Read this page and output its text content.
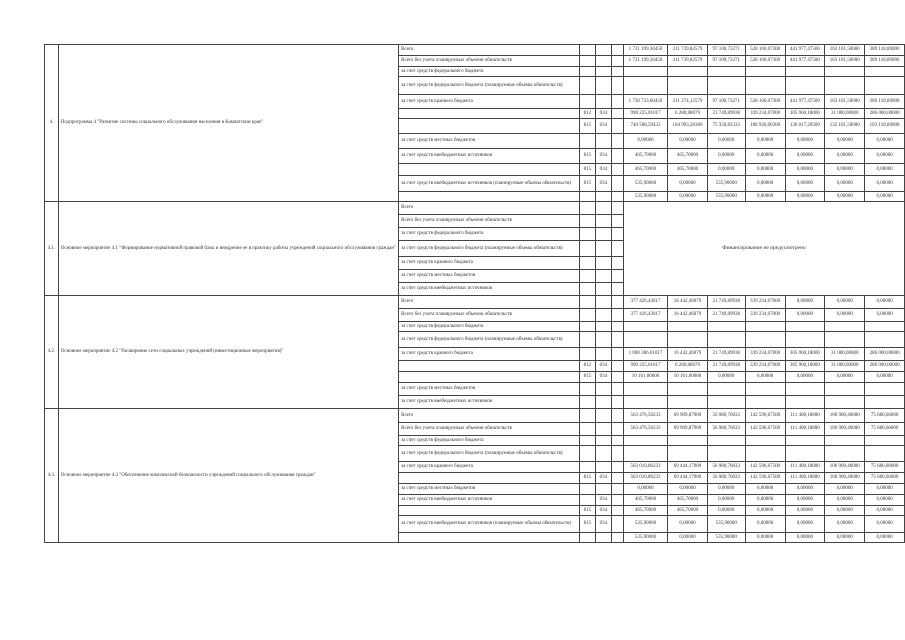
4.	Подпрограмма 4 "Развитие системы социального обслуживания населения в Камчатском крае"	Всего				1 731 199,30450	311 739,82579	97 100,73271	528 160,07300	441 977,47500	163 101,50000	389 118,89000
		Всего без учета планируемых объемов обязательств				1 731 199,30450	311 739,82579	97 100,73271	528 160,07300	441 977,47500	163 101,50000	389 118,89000
		за счет средств федерального бюджета										
		за счет средств федерального бюджета (планируемые объемы обязательств)										
		за счет средств краевого бюджета				1 730 733,60450	311 274,12579	97 100,73271	528 160,07300	441 977,47500	163 101,50000	389 118,89000
			812	034		990 225,01017	6 280,88079	21 749,89938	339 234,07000	305 960,18000	31 000,00000	286 000,00000
			815	034		740 508,59433	104 993,20300	75 350,83333	188 926,00300	136 017,29500	132 101,50000	103 118,89000
		за счет средств местных бюджетов				0,00000	0,00000	0,00000	0,00000	0,00000	0,00000	0,00000
		за счет средств внебюджетных источников	815	034		465,70000	465,70000	0,00000	0,00000	0,00000	0,00000	0,00000
			815	034		465,70000	465,70000	0,00000	0,00000	0,00000	0,00000	0,00000
		за счет средств внебюджетных источников (планируемые объемы обязательств)	815	034		535,90000	0,00000	535,90000	0,00000	0,00000	0,00000	0,00000
						535,90000	0,00000	535,90000	0,00000	0,00000	0,00000	0,00000
4.1.	Основное мероприятие 4.1 "Формирование нормативной правовой базы и внедрение ее в практику работы учреждений социального обслуживания граждан"	Всего				Финансирование не предусмотрено						
		Всего без учета планируемых объемов обязательств										
		за счет средств федерального бюджета										
		за счет средств федерального бюджета (планируемые объемы обязательств)										
		за счет средств краевого бюджета										
		за счет средств местных бюджетов										
		за счет средств внебюджетных источников										
4.2.	Основное мероприятие 4.2 "Расширение сети социальных учреждений (инвестиционные мероприятия)"	Всего				377 426,43017	16 442,46079	21 749,89938	339 234,07000	0,00000	0,00000	0,00000
		Всего без учета планируемых объемов обязательств				377 426,43017	16 442,46079	21 749,89938	339 234,07000	0,00000	0,00000	0,00000
		за счет средств федерального бюджета										
		за счет средств федерального бюджета (планируемые объемы обязательств)										
		за счет средств краевого бюджета				1 000 386,01017	16 442,46079	21 749,89938	339 234,07000	305 960,18000	31 000,00000	286 000,00000
			812	034		990 225,01017	6 280,88079	21 749,89938	339 234,07000	305 960,18000	31 000,00000	286 000,00000
			815	034		10 161,00000	10 161,00000	0,00000	0,00000	0,00000	0,00000	0,00000
		за счет средств местных бюджетов										
		за счет средств внебюджетных источников										
4.3.	Основное мероприятие 4.3 "Обеспечение комплексной безопасности учреждений социального обслуживания граждан"	Всего				563 476,56233	69 909,87900	56 980,76033	142 596,67500	111 408,18800	106 900,40000	75 680,66000
		Всего без учета планируемых объемов обязательств				563 476,56233	69 909,87900	56 980,76033	142 596,67500	111 408,18800	106 900,40000	75 680,66000
		за счет средств федерального бюджета										
		за счет средств федерального бюджета (планируемые объемы обязательств)										
		за счет средств краевого бюджета				563 010,86233	69 444,17900	56 980,76033	142 596,67500	111 408,18800	106 900,40000	75 680,66000
			815	034		563 010,86233	69 444,17900	56 980,76033	142 596,67500	111 408,18800	106 900,40000	75 680,66000
		за счет средств местных бюджетов				0,00000	0,00000	0,00000	0,00000	0,00000	0,00000	0,00000
		за счет средств внебюджетных источников		034		465,70000	465,70000	0,00000	0,00000	0,00000	0,00000	0,00000
			815	034		465,70000	465,70000	0,00000	0,00000	0,00000	0,00000	0,00000
		за счет средств внебюджетных источников (планируемые объемы обязательств)	815	034		535,90000	0,00000	535,90000	0,00000	0,00000	0,00000	0,00000
						535,90000	0,00000	535,90000	0,00000	0,00000	0,00000	0,00000
